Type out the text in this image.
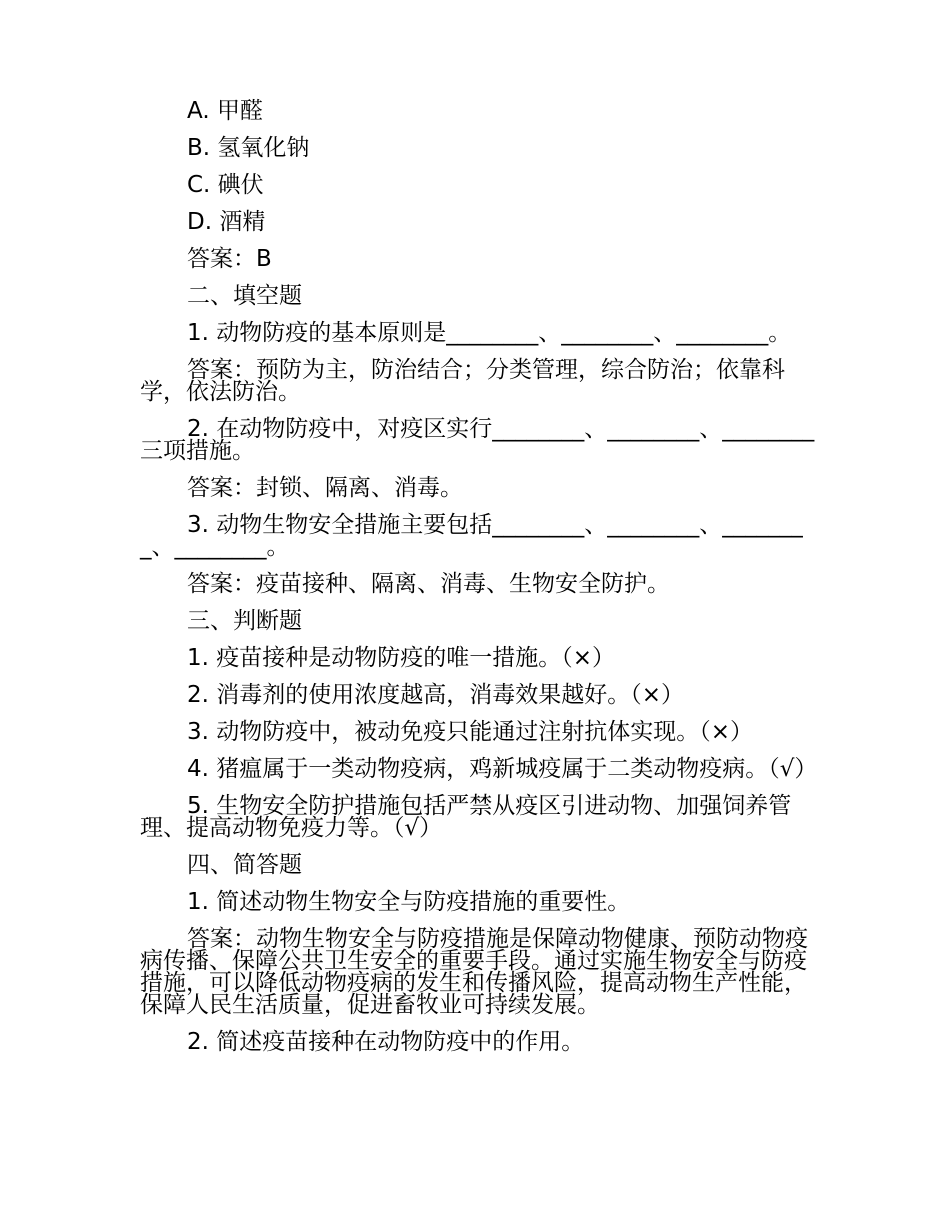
A. 甲醛

B. 氢氧化钠

C. 碘伏

D. 酒精

答案：B

二、填空题

1. 动物防疫的基本原则是________、________、________。

答案：预防为主，防治结合；分类管理，综合防治；依靠科学，依法防治。

2. 在动物防疫中，对疫区实行________、________、________三项措施。

答案：封锁、隔离、消毒。

3. 动物生物安全措施主要包括________、________、________、________。

答案：疫苗接种、隔离、消毒、生物安全防护。

三、判断题

1. 疫苗接种是动物防疫的唯一措施。（×）

2. 消毒剂的使用浓度越高，消毒效果越好。（×）

3. 动物防疫中，被动免疫只能通过注射抗体实现。（×）

4. 猪瘟属于一类动物疫病，鸡新城疫属于二类动物疫病。（√）

5. 生物安全防护措施包括严禁从疫区引进动物、加强饲养管理、提高动物免疫力等。（√）

四、简答题

1. 简述动物生物安全与防疫措施的重要性。

答案：动物生物安全与防疫措施是保障动物健康、预防动物疫病传播、保障公共卫生安全的重要手段。通过实施生物安全与防疫措施，可以降低动物疫病的发生和传播风险，提高动物生产性能，保障人民生活质量，促进畜牧业可持续发展。

2. 简述疫苗接种在动物防疫中的作用。
